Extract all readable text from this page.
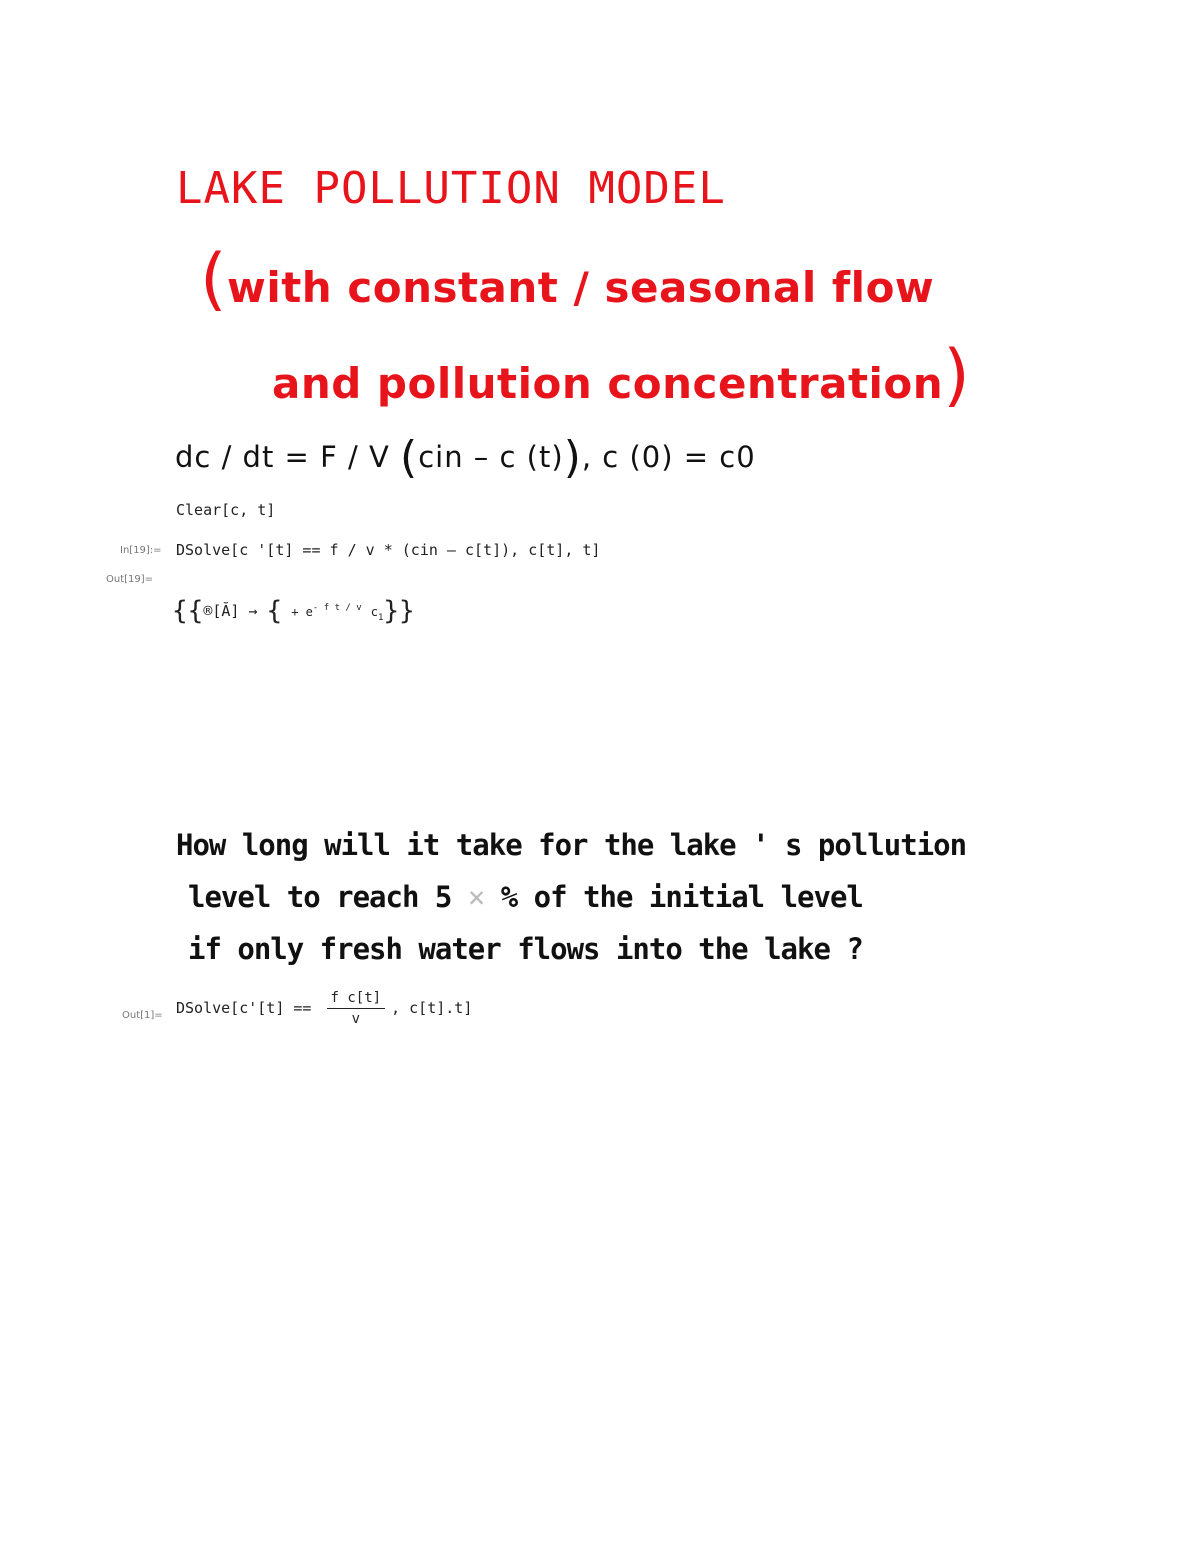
LAKE POLLUTION MODEL
(with constant / seasonal flow
and pollution concentration)
dc / dt = F / V (cin – c (t)), c (0) = c0
Clear[c, t]
In[19]:= DSolve[c '[t] == f / v * (cin – c[t]), c[t], t]
Out[19]=
{{®[Ă] → { + $e^{- f t / v}$ $c_1$}}
How long will it take for the lake ' s pollution
level to reach 5 × % of the initial level
if only fresh water flows into the lake ?
Out[1]= DSolve[c'[t] == $\frac{\text{f c[t]}}{v}$ , c[t].t]
